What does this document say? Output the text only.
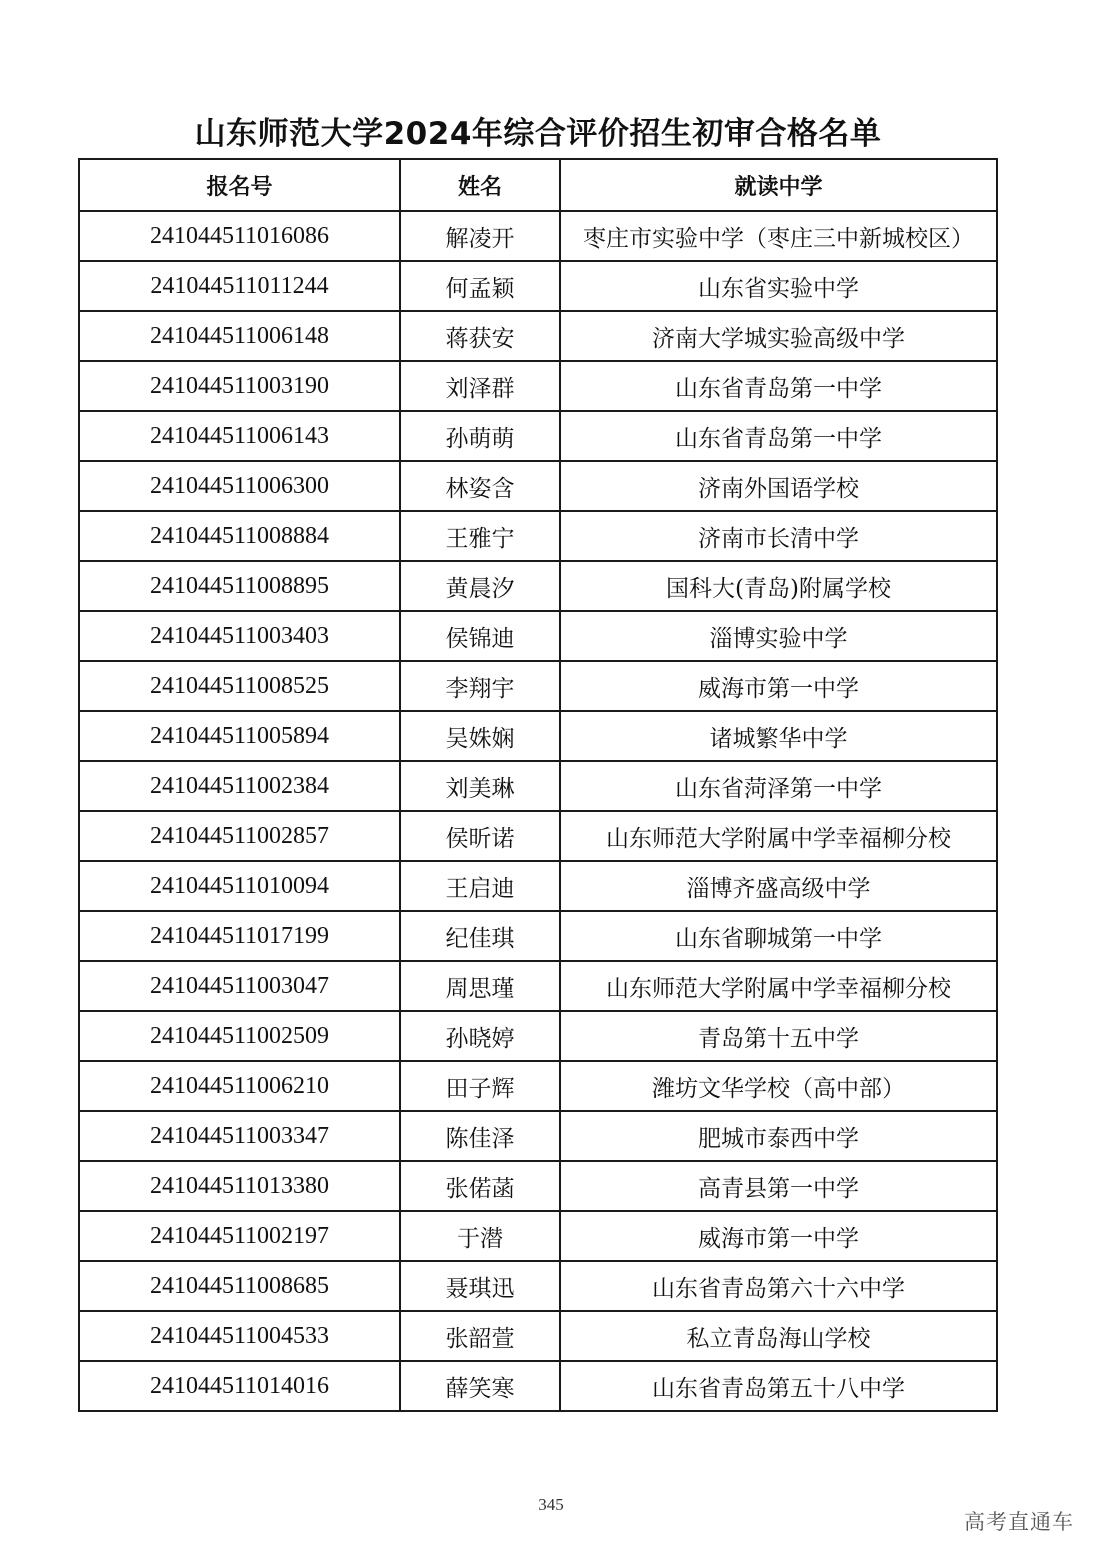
山东师范大学2024年综合评价招生初审合格名单
报名号	姓名	就读中学
241044511016086	解凌开	枣庄市实验中学（枣庄三中新城校区）
241044511011244	何孟颖	山东省实验中学
241044511006148	蒋获安	济南大学城实验高级中学
241044511003190	刘泽群	山东省青岛第一中学
241044511006143	孙萌萌	山东省青岛第一中学
241044511006300	林姿含	济南外国语学校
241044511008884	王雅宁	济南市长清中学
241044511008895	黄晨汐	国科大(青岛)附属学校
241044511003403	侯锦迪	淄博实验中学
241044511008525	李翔宇	威海市第一中学
241044511005894	吴姝娴	诸城繁华中学
241044511002384	刘美琳	山东省菏泽第一中学
241044511002857	侯昕诺	山东师范大学附属中学幸福柳分校
241044511010094	王启迪	淄博齐盛高级中学
241044511017199	纪佳琪	山东省聊城第一中学
241044511003047	周思瑾	山东师范大学附属中学幸福柳分校
241044511002509	孙晓婷	青岛第十五中学
241044511006210	田子辉	潍坊文华学校（高中部）
241044511003347	陈佳泽	肥城市泰西中学
241044511013380	张偌菡	高青县第一中学
241044511002197	于潜	威海市第一中学
241044511008685	聂琪迅	山东省青岛第六十六中学
241044511004533	张韶萱	私立青岛海山学校
241044511014016	薛笑寒	山东省青岛第五十八中学
345
高考直通车
